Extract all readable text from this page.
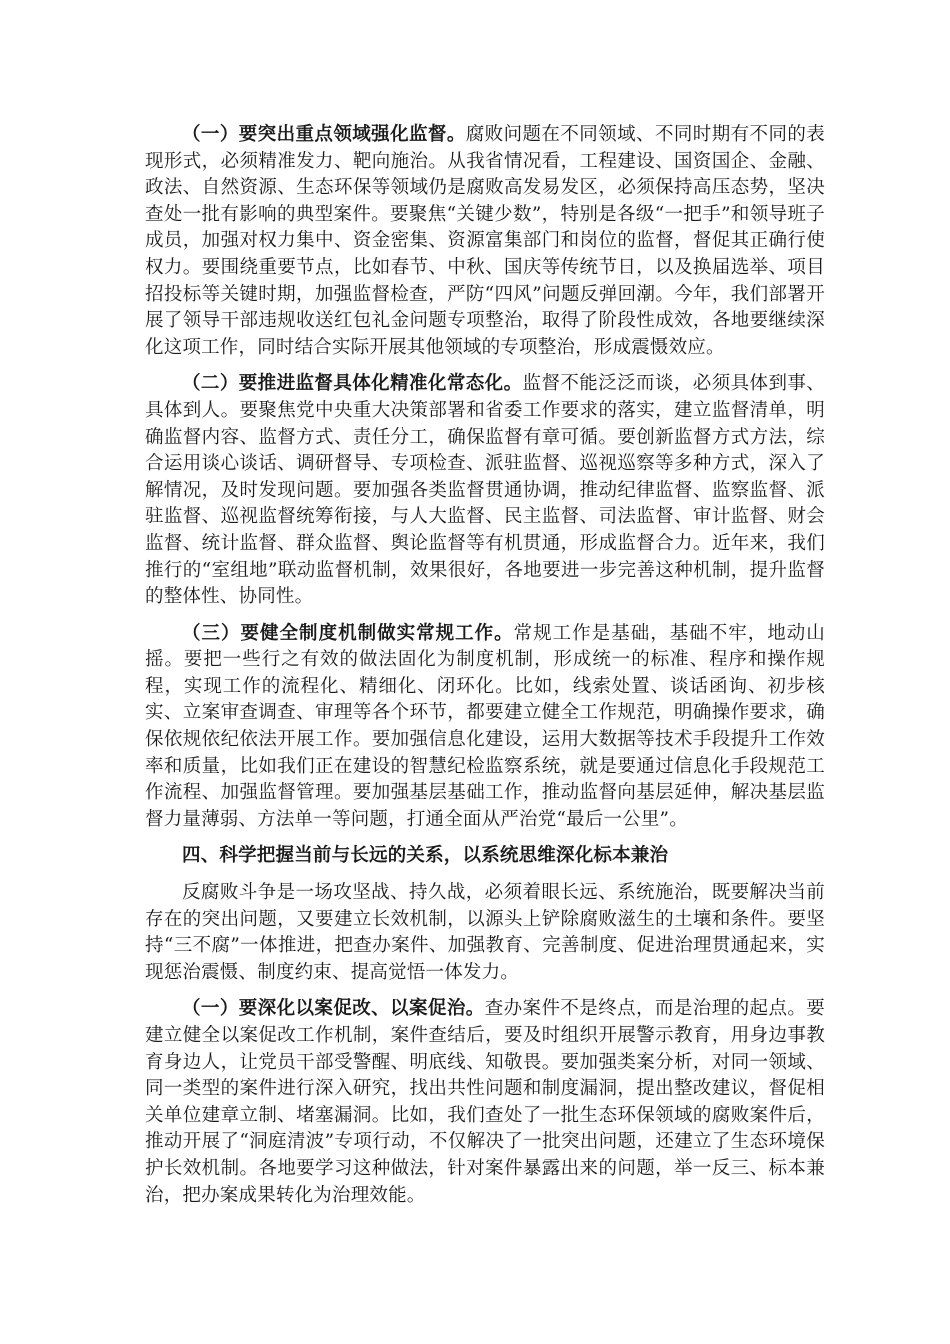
（一）要突出重点领域强化监督。腐败问题在不同领域、不同时期有不同的表现形式，必须精准发力、靶向施治。从我省情况看，工程建设、国资国企、金融、政法、自然资源、生态环保等领域仍是腐败高发易发区，必须保持高压态势，坚决查处一批有影响的典型案件。要聚焦“关键少数”，特别是各级“一把手”和领导班子成员，加强对权力集中、资金密集、资源富集部门和岗位的监督，督促其正确行使权力。要围绕重要节点，比如春节、中秋、国庆等传统节日，以及换届选举、项目招投标等关键时期，加强监督检查，严防“四风”问题反弹回潮。今年，我们部署开展了领导干部违规收送红包礼金问题专项整治，取得了阶段性成效，各地要继续深化这项工作，同时结合实际开展其他领域的专项整治，形成震慑效应。

（二）要推进监督具体化精准化常态化。监督不能泛泛而谈，必须具体到事、具体到人。要聚焦党中央重大决策部署和省委工作要求的落实，建立监督清单，明确监督内容、监督方式、责任分工，确保监督有章可循。要创新监督方式方法，综合运用谈心谈话、调研督导、专项检查、派驻监督、巡视巡察等多种方式，深入了解情况，及时发现问题。要加强各类监督贯通协调，推动纪律监督、监察监督、派驻监督、巡视监督统筹衔接，与人大监督、民主监督、司法监督、审计监督、财会监督、统计监督、群众监督、舆论监督等有机贯通，形成监督合力。近年来，我们推行的“室组地”联动监督机制，效果很好，各地要进一步完善这种机制，提升监督的整体性、协同性。

（三）要健全制度机制做实常规工作。常规工作是基础，基础不牢，地动山摇。要把一些行之有效的做法固化为制度机制，形成统一的标准、程序和操作规程，实现工作的流程化、精细化、闭环化。比如，线索处置、谈话函询、初步核实、立案审查调查、审理等各个环节，都要建立健全工作规范，明确操作要求，确保依规依纪依法开展工作。要加强信息化建设，运用大数据等技术手段提升工作效率和质量，比如我们正在建设的智慧纪检监察系统，就是要通过信息化手段规范工作流程、加强监督管理。要加强基层基础工作，推动监督向基层延伸，解决基层监督力量薄弱、方法单一等问题，打通全面从严治党“最后一公里”。

四、科学把握当前与长远的关系，以系统思维深化标本兼治

反腐败斗争是一场攻坚战、持久战，必须着眼长远、系统施治，既要解决当前存在的突出问题，又要建立长效机制，以源头上铲除腐败滋生的土壤和条件。要坚持“三不腐”一体推进，把查办案件、加强教育、完善制度、促进治理贯通起来，实现惩治震慑、制度约束、提高觉悟一体发力。

（一）要深化以案促改、以案促治。查办案件不是终点，而是治理的起点。要建立健全以案促改工作机制，案件查结后，要及时组织开展警示教育，用身边事教育身边人，让党员干部受警醒、明底线、知敬畏。要加强类案分析，对同一领域、同一类型的案件进行深入研究，找出共性问题和制度漏洞，提出整改建议，督促相关单位建章立制、堵塞漏洞。比如，我们查处了一批生态环保领域的腐败案件后，推动开展了“洞庭清波”专项行动，不仅解决了一批突出问题，还建立了生态环境保护长效机制。各地要学习这种做法，针对案件暴露出来的问题，举一反三、标本兼治，把办案成果转化为治理效能。
